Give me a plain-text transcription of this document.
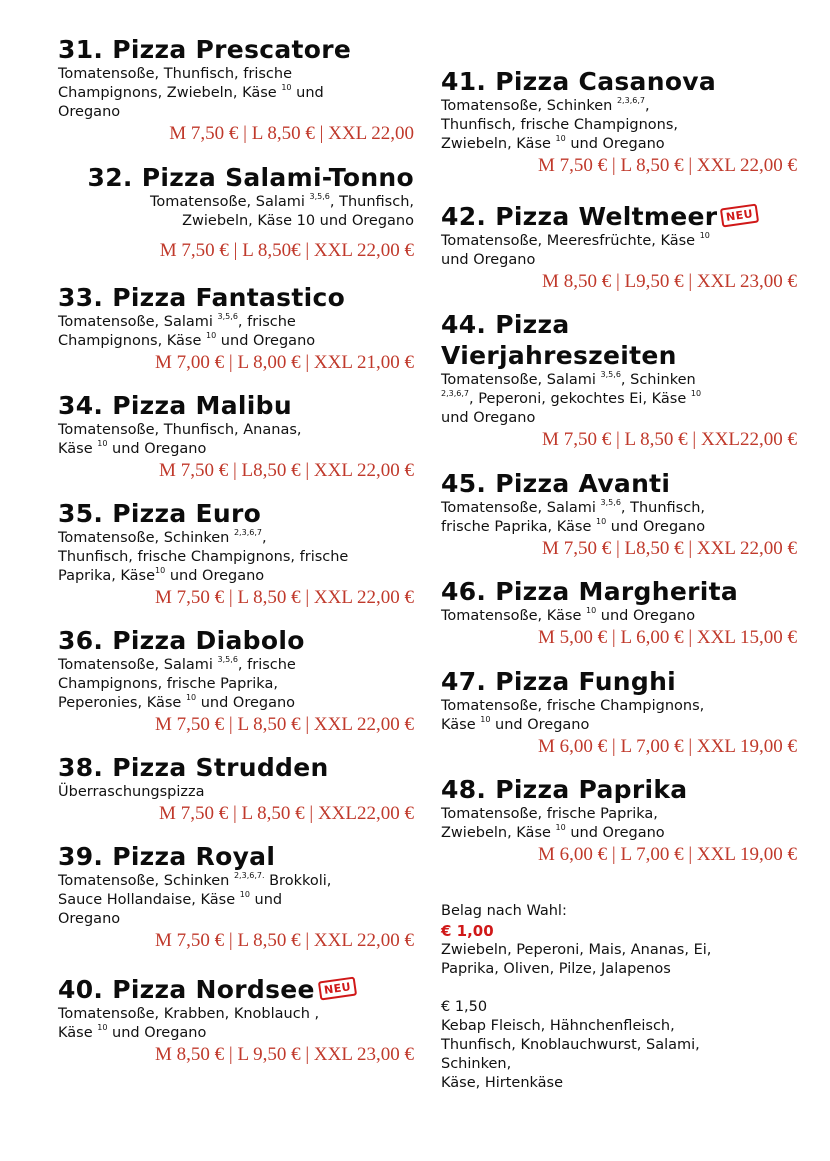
31. Pizza Prescatore
Tomatensoße, Thunfisch, frische
Champignons, Zwiebeln, Käse $^{10}$ und
Oregano
M 7,50 € | L 8,50 € | XXL 22,00
32. Pizza Salami-Tonno
Tomatensoße, Salami $^{3,5,6}$, Thunfisch,
Zwiebeln, Käse 10 und Oregano
M 7,50 € | L 8,50€ | XXL 22,00 €
33. Pizza Fantastico
Tomatensoße, Salami $^{3,5,6}$, frische
Champignons, Käse $^{10}$ und Oregano
M 7,00 € | L 8,00 € | XXL 21,00 €
34. Pizza Malibu
Tomatensoße, Thunfisch, Ananas,
Käse $^{10}$ und Oregano
M 7,50 € | L8,50 € | XXL 22,00 €
35. Pizza Euro
Tomatensoße, Schinken $^{2,3,6,7}$,
Thunfisch, frische Champignons, frische
Paprika, Käse$^{10}$ und Oregano
M 7,50 € | L 8,50 € | XXL 22,00 €
36. Pizza Diabolo
Tomatensoße, Salami $^{3,5,6}$, frische
Champignons, frische Paprika,
Peperonies, Käse $^{10}$ und Oregano
M 7,50 € | L 8,50 € | XXL 22,00 €
38. Pizza Strudden
Überraschungspizza
M 7,50 € | L 8,50 € | XXL22,00 €
39. Pizza Royal
Tomatensoße, Schinken $^{2,3,6,7.}$ Brokkoli,
Sauce Hollandaise, Käse $^{10}$ und
Oregano
M 7,50 € | L 8,50 € | XXL 22,00 €
40. Pizza Nordsee NEU
Tomatensoße, Krabben, Knoblauch ,
Käse $^{10}$ und Oregano
M 8,50 € | L 9,50 € | XXL 23,00 €
41. Pizza Casanova
Tomatensoße, Schinken $^{2,3,6,7}$,
Thunfisch, frische Champignons,
Zwiebeln, Käse $^{10}$ und Oregano
M 7,50 € | L 8,50 € | XXL 22,00 €
42. Pizza Weltmeer NEU
Tomatensoße, Meeresfrüchte, Käse $^{10}$
und Oregano
M 8,50 € | L9,50 € | XXL 23,00 €
44. Pizza Vierjahreszeiten
Tomatensoße, Salami $^{3,5,6}$, Schinken
$^{2,3,6,7}$, Peperoni, gekochtes Ei, Käse $^{10}$
und Oregano
M 7,50 € | L 8,50 € | XXL22,00 €
45. Pizza Avanti
Tomatensoße, Salami $^{3,5,6}$, Thunfisch,
frische Paprika, Käse $^{10}$ und Oregano
M 7,50 € | L8,50 € | XXL 22,00 €
46. Pizza Margherita
Tomatensoße, Käse $^{10}$ und Oregano
M 5,00 € | L 6,00 € | XXL 15,00 €
47. Pizza Funghi
Tomatensoße, frische Champignons,
Käse $^{10}$ und Oregano
M 6,00 € | L 7,00 € | XXL 19,00 €
48. Pizza Paprika
Tomatensoße, frische Paprika,
Zwiebeln, Käse $^{10}$ und Oregano
M 6,00 € | L 7,00 € | XXL 19,00 €
Belag nach Wahl:
€ 1,00
Zwiebeln, Peperoni, Mais, Ananas, Ei,
Paprika, Oliven, Pilze, Jalapenos
€ 1,50
Kebap Fleisch, Hähnchenfleisch,
Thunfisch, Knoblauchwurst, Salami,
Schinken,
Käse, Hirtenkäse
